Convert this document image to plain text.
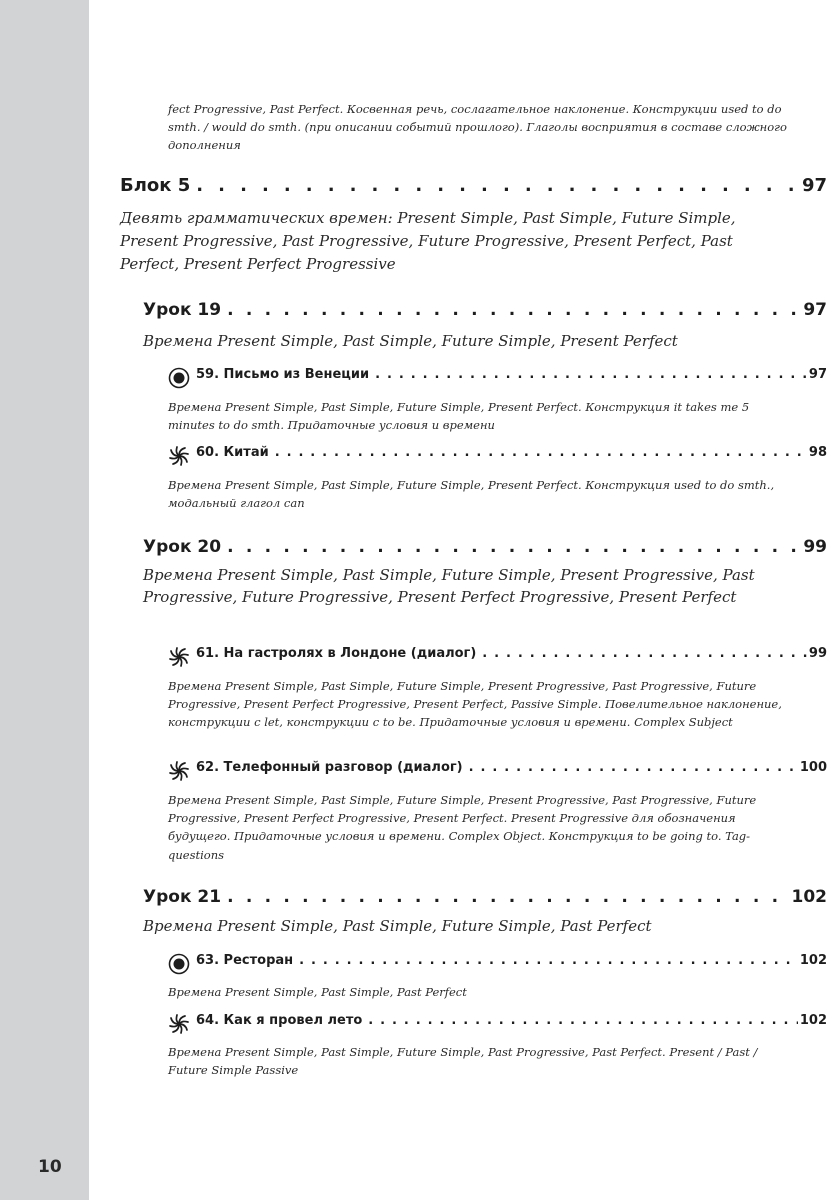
fect Progressive, Past Perfect. Косвенная речь, сослагательное наклонение. Конструкции used to do smth. / would do smth. (при описании событий прошлого). Глаголы восприятия в составе сложного дополнения

Блок 5 . . .	97

Девять грамматических времен: Present Simple, Past Simple, Future Simple, Present Progressive, Past Progressive, Future Progressive, Present Perfect, Past Perfect, Present Perfect Progressive

Урок 19 . . .	97

Времена Present Simple, Past Simple, Future Simple, Present Perfect

59. Письмо из Венеции . . .	97

Времена Present Simple, Past Simple, Future Simple, Present Perfect. Конструкция it takes me 5 minutes to do smth. Придаточные условия и времени

60. Китай . . .	98

Времена Present Simple, Past Simple, Future Simple, Present Perfect. Конструкция used to do smth., модальный глагол can

Урок 20 . . .	99

Времена Present Simple, Past Simple, Future Simple, Present Progressive, Past Progressive, Future Progressive, Present Perfect Progressive, Present Perfect

61. На гастролях в Лондоне (диалог) . . .	99

Времена Present Simple, Past Simple, Future Simple, Present Progressive, Past Progressive, Future Progressive, Present Perfect Progressive, Present Perfect, Passive Simple. Повелительное наклонение, конструкции с let, конструкции с to be. Придаточные условия и времени. Complex Subject

62. Телефонный разговор (диалог) . . .	100

Времена Present Simple, Past Simple, Future Simple, Present Progressive, Past Progressive, Future Progressive, Present Perfect Progressive, Present Perfect. Present Progressive для обозначения будущего. Придаточные условия и времени. Complex Object. Конструкция to be going to. Tag-questions

Урок 21 . . .	102

Времена Present Simple, Past Simple, Future Simple, Past Perfect

63. Ресторан . . .	102

Времена Present Simple, Past Simple, Past Perfect

64. Как я провел лето . . .	102

Времена Present Simple, Past Simple, Future Simple, Past Progressive, Past Perfect. Present / Past / Future Simple Passive

10
